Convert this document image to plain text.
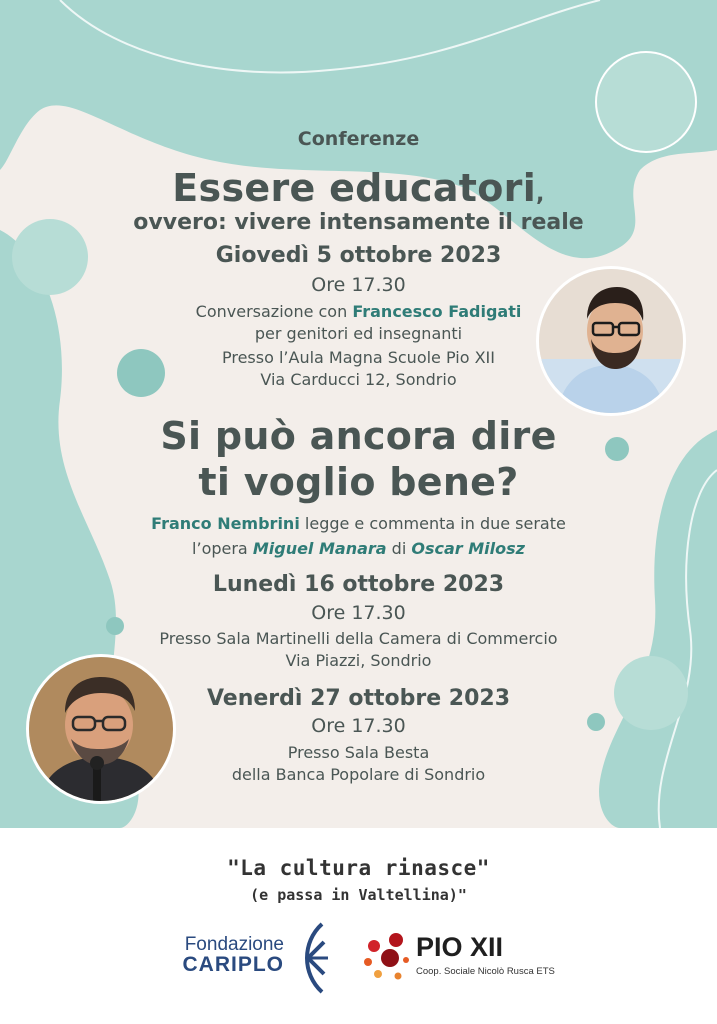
Conferenze
Essere educatori,
ovvero: vivere intensamente il reale
Giovedì 5 ottobre 2023
Ore 17.30
Conversazione con Francesco Fadigati
per genitori ed insegnanti
Presso l’Aula Magna Scuole Pio XII
Via Carducci 12, Sondrio
Si può ancora dire
ti voglio bene?
Franco Nembrini legge e commenta in due serate
l’opera Miguel Manara di Oscar Milosz
Lunedì 16 ottobre 2023
Ore 17.30
Presso Sala Martinelli della Camera di Commercio
Via Piazzi, Sondrio
Venerdì 27 ottobre 2023
Ore 17.30
Presso Sala Besta
della Banca Popolare di Sondrio
"La cultura rinasce"
(e passa in Valtellina)"
Fondazione
CARIPLO
PIO XII
Coop. Sociale Nicolò Rusca ETS
